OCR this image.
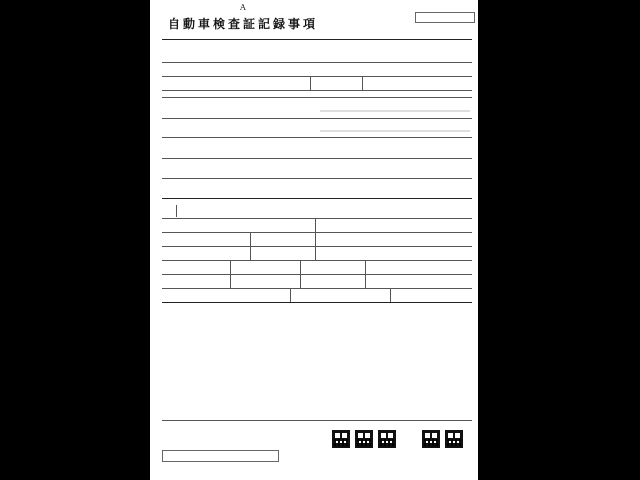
A
自動車検査証記録事項
